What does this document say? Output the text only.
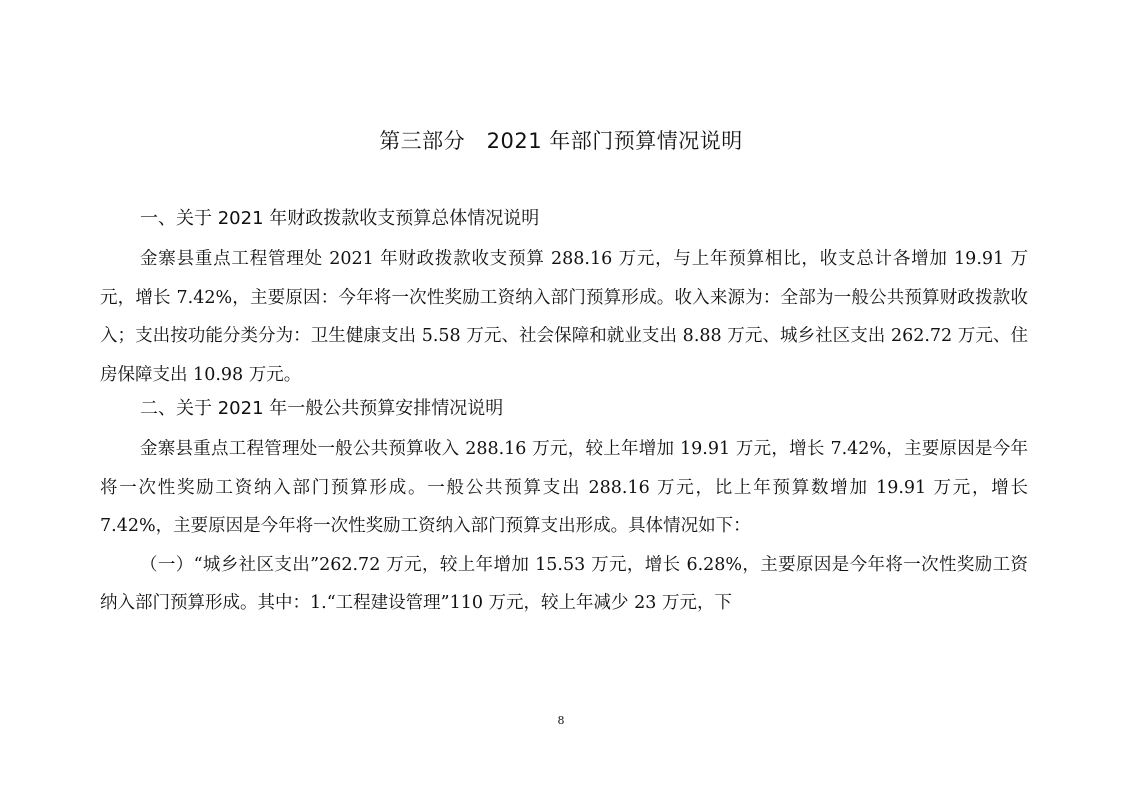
第三部分　2021 年部门预算情况说明

一、关于 2021 年财政拨款收支预算总体情况说明

金寨县重点工程管理处 2021 年财政拨款收支预算 288.16 万元，与上年预算相比，收支总计各增加 19.91 万元，增长 7.42%，主要原因：今年将一次性奖励工资纳入部门预算形成。收入来源为：全部为一般公共预算财政拨款收入；支出按功能分类分为：卫生健康支出 5.58 万元、社会保障和就业支出 8.88 万元、城乡社区支出 262.72 万元、住房保障支出 10.98 万元。

二、关于 2021 年一般公共预算安排情况说明

金寨县重点工程管理处一般公共预算收入 288.16 万元，较上年增加 19.91 万元，增长 7.42%，主要原因是今年将一次性奖励工资纳入部门预算形成。一般公共预算支出 288.16 万元，比上年预算数增加 19.91 万元，增长 7.42%，主要原因是今年将一次性奖励工资纳入部门预算支出形成。具体情况如下：

（一）“城乡社区支出”262.72 万元，较上年增加 15.53 万元，增长 6.28%，主要原因是今年将一次性奖励工资纳入部门预算形成。其中：1.“工程建设管理”110 万元，较上年减少 23 万元，下

8
